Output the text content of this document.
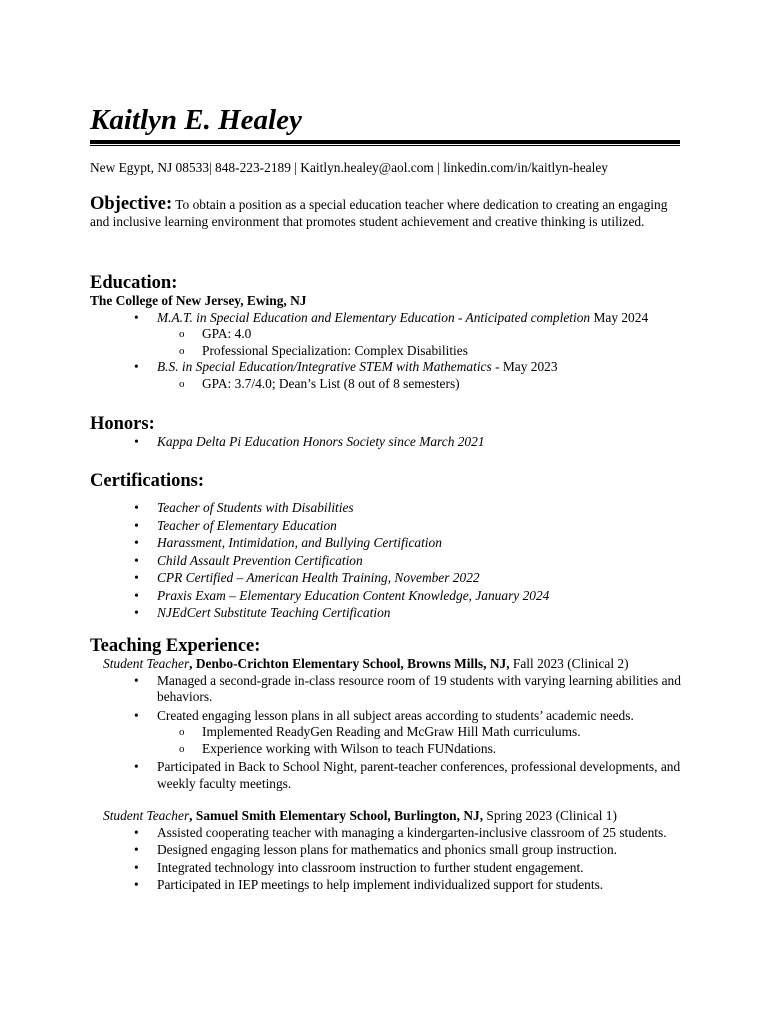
Kaitlyn E. Healey
New Egypt, NJ 08533| 848-223-2189 | Kaitlyn.healey@aol.com | linkedin.com/in/kaitlyn-healey
Objective: To obtain a position as a special education teacher where dedication to creating an engaging and inclusive learning environment that promotes student achievement and creative thinking is utilized.
Education:
The College of New Jersey, Ewing, NJ
• M.A.T. in Special Education and Elementary Education - Anticipated completion May 2024
o GPA: 4.0
o Professional Specialization: Complex Disabilities
• B.S. in Special Education/Integrative STEM with Mathematics - May 2023
o GPA: 3.7/4.0; Dean’s List (8 out of 8 semesters)
Honors:
• Kappa Delta Pi Education Honors Society since March 2021
Certifications:
• Teacher of Students with Disabilities
• Teacher of Elementary Education
• Harassment, Intimidation, and Bullying Certification
• Child Assault Prevention Certification
• CPR Certified – American Health Training, November 2022
• Praxis Exam – Elementary Education Content Knowledge, January 2024
• NJEdCert Substitute Teaching Certification
Teaching Experience:
Student Teacher, Denbo-Crichton Elementary School, Browns Mills, NJ, Fall 2023 (Clinical 2)
• Managed a second-grade in-class resource room of 19 students with varying learning abilities and behaviors.
• Created engaging lesson plans in all subject areas according to students’ academic needs.
o Implemented ReadyGen Reading and McGraw Hill Math curriculums.
o Experience working with Wilson to teach FUNdations.
• Participated in Back to School Night, parent-teacher conferences, professional developments, and weekly faculty meetings.
Student Teacher, Samuel Smith Elementary School, Burlington, NJ, Spring 2023 (Clinical 1)
• Assisted cooperating teacher with managing a kindergarten-inclusive classroom of 25 students.
• Designed engaging lesson plans for mathematics and phonics small group instruction.
• Integrated technology into classroom instruction to further student engagement.
• Participated in IEP meetings to help implement individualized support for students.
